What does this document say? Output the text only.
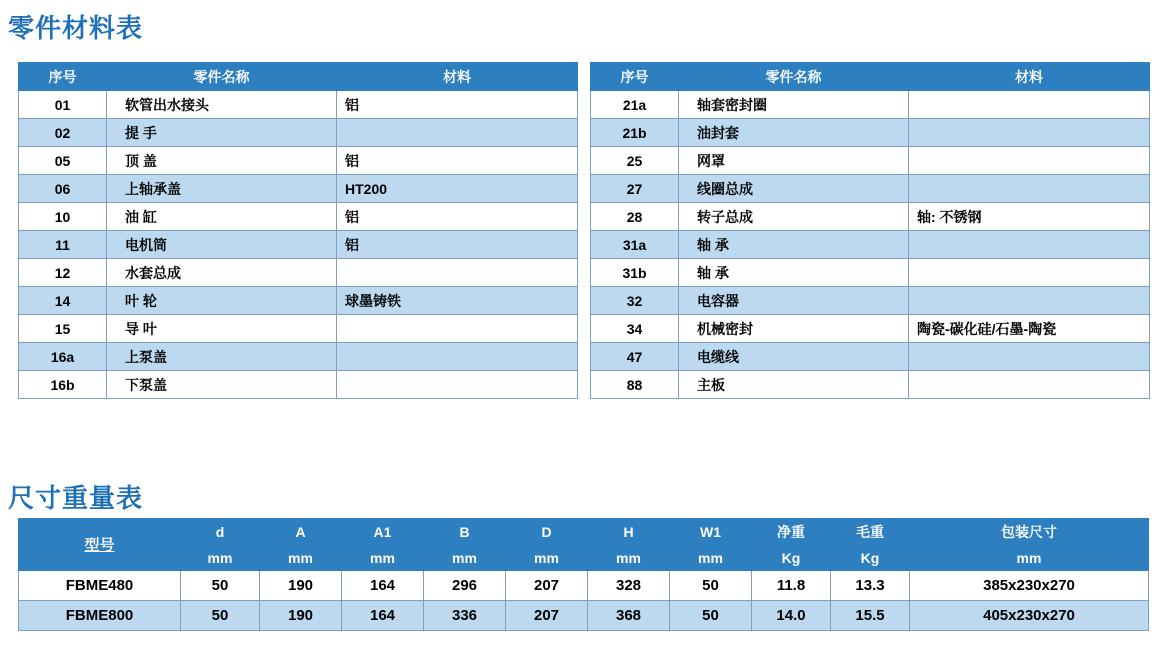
零件材料表
序号	零件名称	材料
01	软管出水接头	铝
02	提 手	
05	顶 盖	铝
06	上轴承盖	HT200
10	油 缸	铝
11	电机筒	铝
12	水套总成	
14	叶 轮	球墨铸铁
15	导 叶	
16a	上泵盖	
16b	下泵盖	
序号	零件名称	材料
21a	轴套密封圈	
21b	油封套	
25	网罩	
27	线圈总成	
28	转子总成	轴: 不锈钢
31a	轴 承	
31b	轴 承	
32	电容器	
34	机械密封	陶瓷-碳化硅/石墨-陶瓷
47	电缆线	
88	主板	
尺寸重量表
型号	d	A	A1	B	D	H	W1	净重	毛重	包装尺寸
	mm	mm	mm	mm	mm	mm	mm	Kg	Kg	mm
FBME480	50	190	164	296	207	328	50	11.8	13.3	385x230x270
FBME800	50	190	164	336	207	368	50	14.0	15.5	405x230x270
